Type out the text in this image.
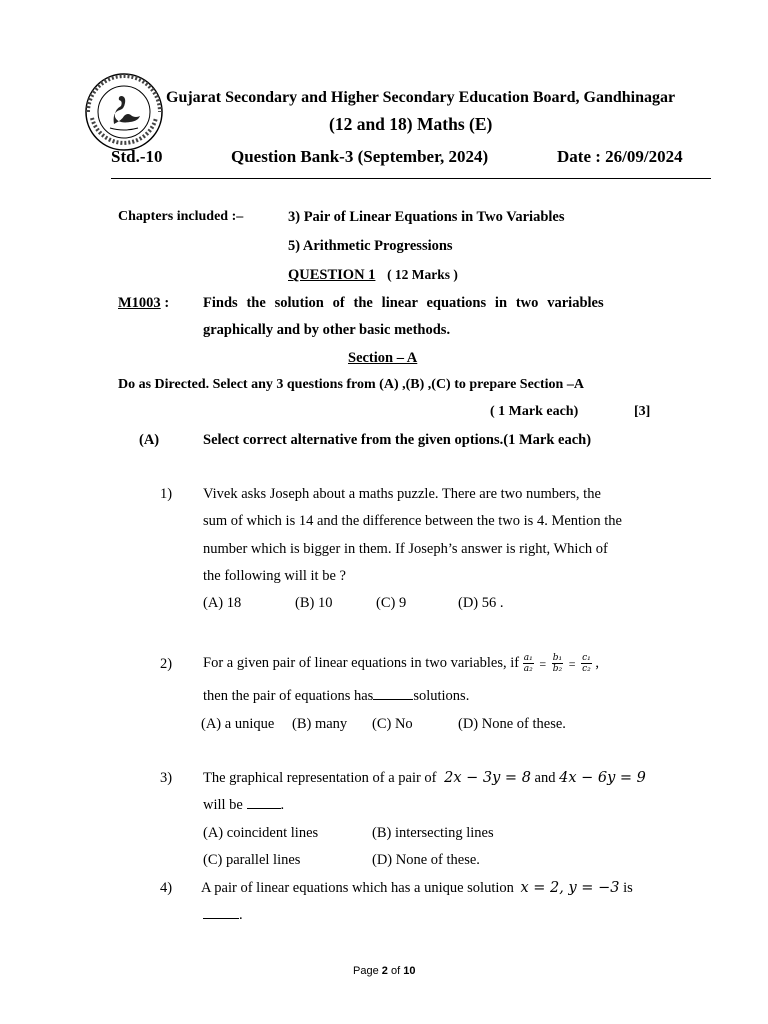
Gujarat Secondary and Higher Secondary Education Board, Gandhinagar
(12 and 18) Maths (E)
Std.-10	Question Bank-3 (September, 2024)	Date : 26/09/2024
Chapters included :–	3) Pair of Linear Equations in Two Variables
5) Arithmetic Progressions
QUESTION 1 ( 12 Marks )
M1003 : Finds the solution of the linear equations in two variables
graphically and by other basic methods.
Section – A
Do as Directed. Select any 3 questions from (A) ,(B) ,(C) to prepare Section –A
( 1 Mark each)	[3]
(A)	Select correct alternative from the given options.(1 Mark each)
1) Vivek asks Joseph about a maths puzzle. There are two numbers, the
sum of which is 14 and the difference between the two is 4. Mention the
number which is bigger in them. If Joseph’s answer is right, Which of
the following will it be ?
(A) 18	(B) 10	(C) 9	(D) 56 .
2) For a given pair of linear equations in two variables, if $\frac{\text{a₁}}{\text{a₂}} = \frac{\text{b₁}}{\text{b₂}} = \frac{\text{c₁}}{\text{c₂}}$ ,
then the pair of equations has	solutions.
(A) a unique (B) many (C) No	(D) None of these.
3) The graphical representation of a pair of 2x − 3y = 8 and 4x − 6y = 9
will be	.
(A) coincident lines	(B) intersecting lines
(C) parallel lines	(D) None of these.
4) A pair of linear equations which has a unique solution x = 2, y = −3 is
.
Page 2 of 10
